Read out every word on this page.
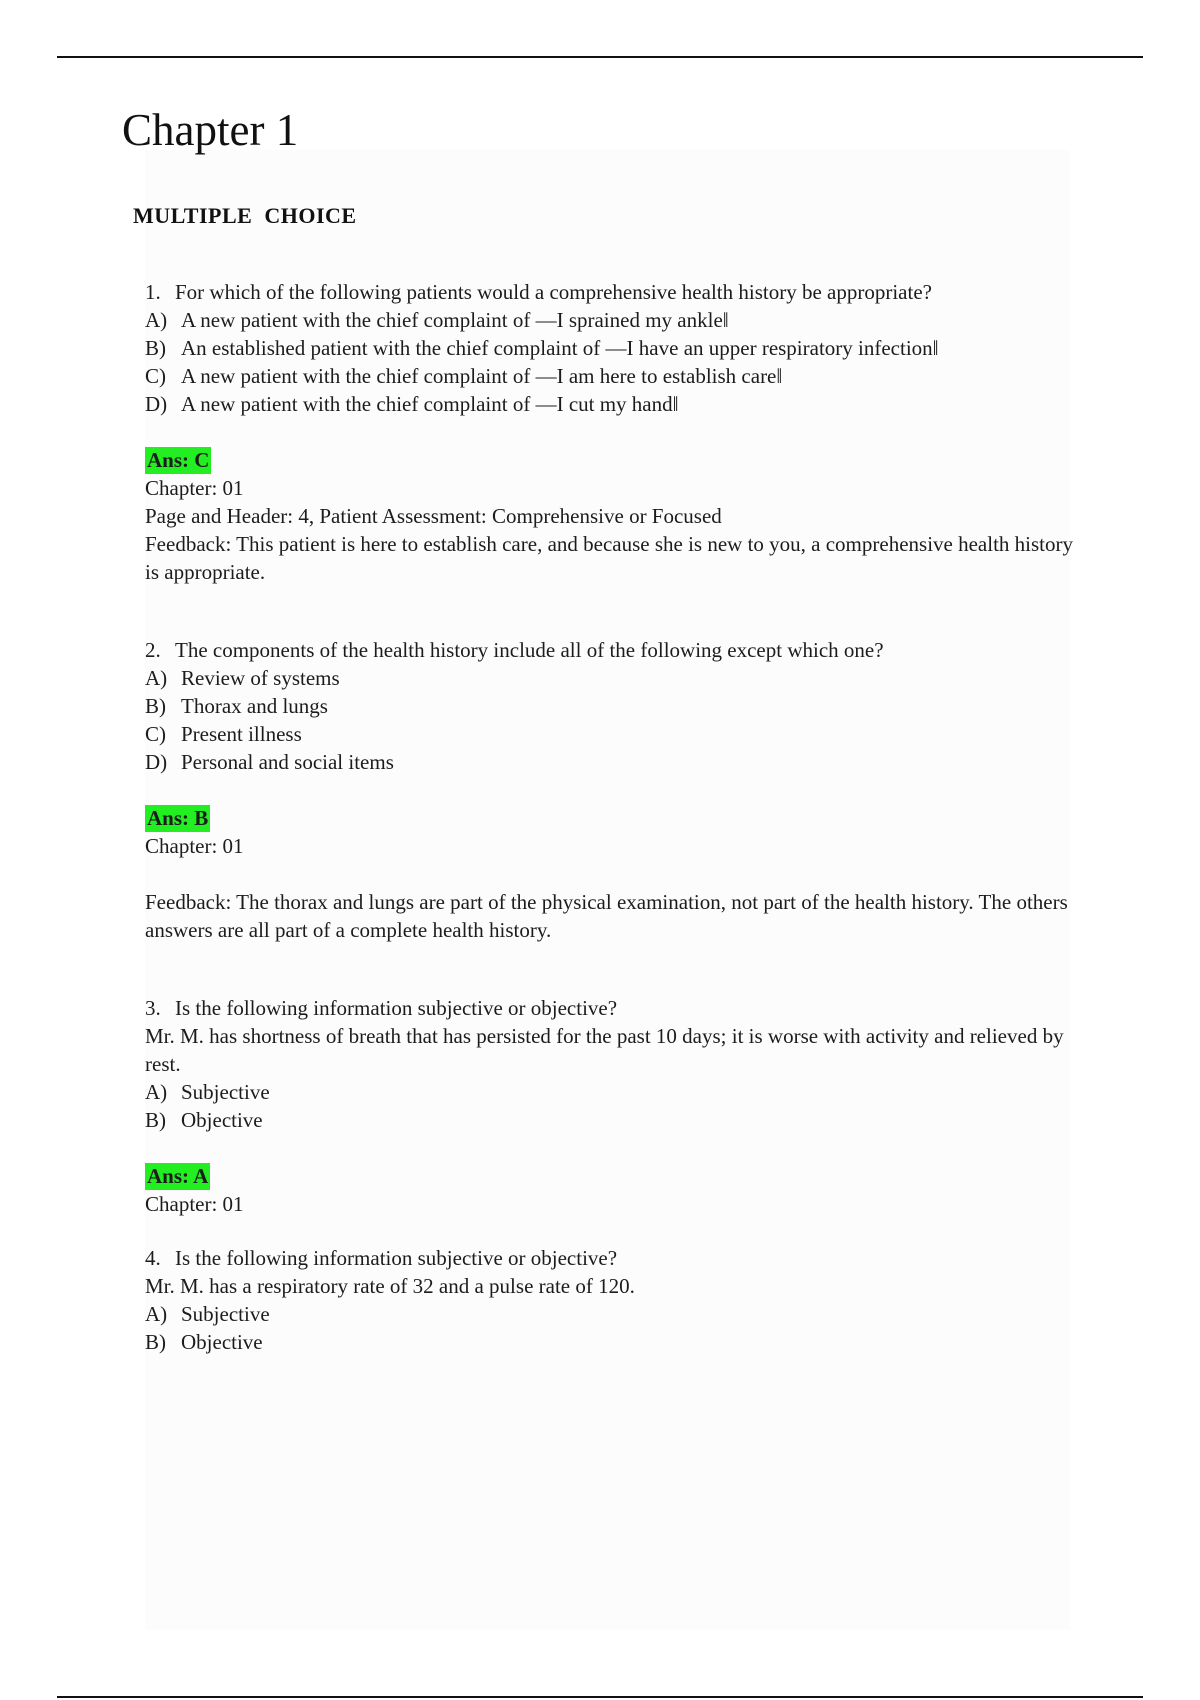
Chapter 1
MULTIPLE CHOICE

1. For which of the following patients would a comprehensive health history be appropriate?

A) A new patient with the chief complaint of —I sprained my ankle‖

B) An established patient with the chief complaint of —I have an upper respiratory infection‖

C) A new patient with the chief complaint of —I am here to establish care‖

D) A new patient with the chief complaint of —I cut my hand‖

Ans: C

Chapter: 01

Page and Header: 4, Patient Assessment: Comprehensive or Focused

Feedback: This patient is here to establish care, and because she is new to you, a comprehensive health history is appropriate.

2. The components of the health history include all of the following except which one?

A) Review of systems

B) Thorax and lungs

C) Present illness

D) Personal and social items

Ans: B

Chapter: 01

Feedback: The thorax and lungs are part of the physical examination, not part of the health history. The others answers are all part of a complete health history.

3. Is the following information subjective or objective?

Mr. M. has shortness of breath that has persisted for the past 10 days; it is worse with activity and relieved by rest.

A) Subjective

B) Objective

Ans: A

Chapter: 01

4. Is the following information subjective or objective?

Mr. M. has a respiratory rate of 32 and a pulse rate of 120.

A) Subjective

B) Objective
